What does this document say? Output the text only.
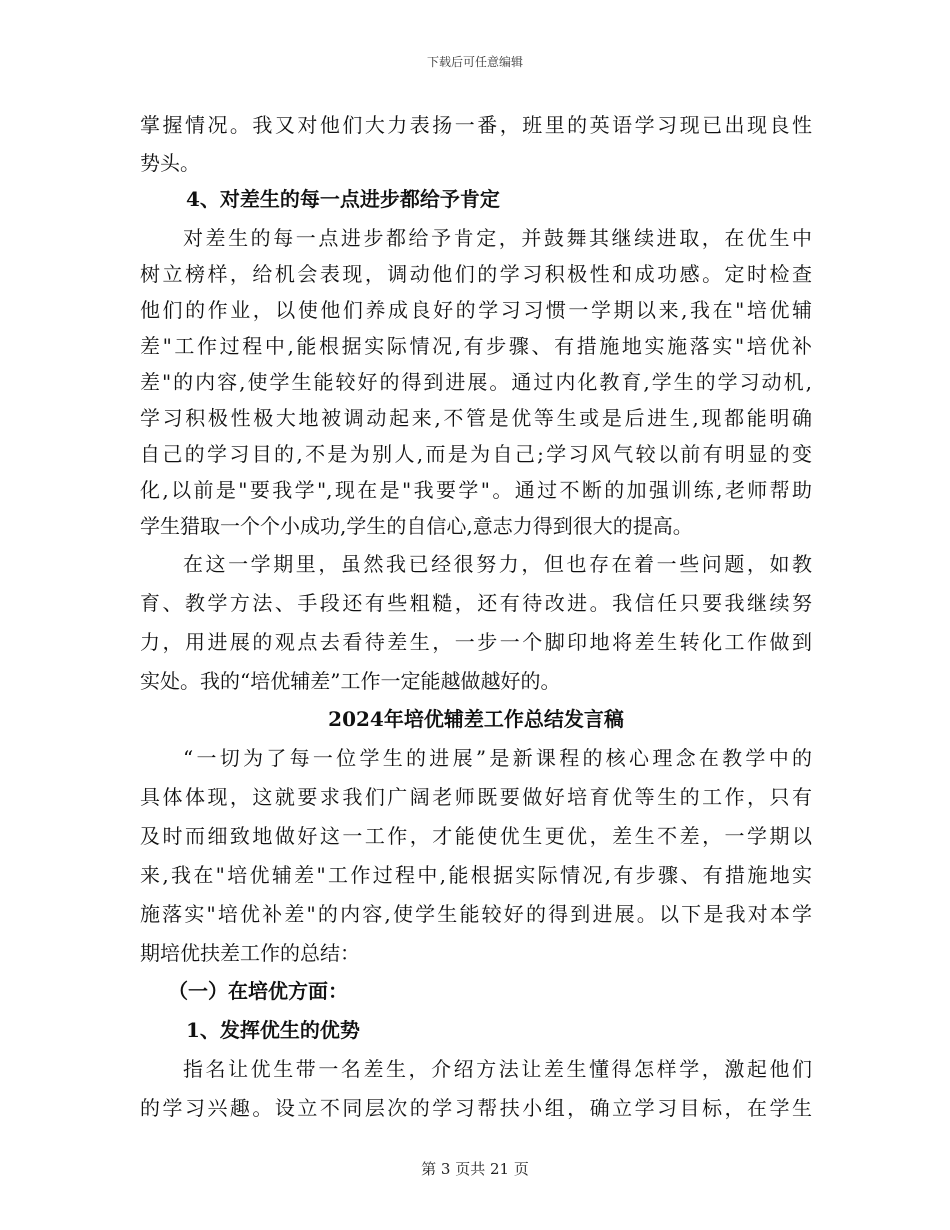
下载后可任意编辑
掌握情况。我又对他们大力表扬一番，班里的英语学习现已出现良性
势头。
4、对差生的每一点进步都给予肯定
对差生的每一点进步都给予肯定，并鼓舞其继续进取，在优生中
树立榜样，给机会表现，调动他们的学习积极性和成功感。定时检查
他们的作业，以使他们养成良好的学习习惯一学期以来,我在"培优辅
差"工作过程中,能根据实际情况,有步骤、有措施地实施落实"培优补
差"的内容,使学生能较好的得到进展。通过内化教育,学生的学习动机,
学习积极性极大地被调动起来,不管是优等生或是后进生,现都能明确
自己的学习目的,不是为别人,而是为自己;学习风气较以前有明显的变
化,以前是"要我学",现在是"我要学"。通过不断的加强训练,老师帮助
学生猎取一个个小成功,学生的自信心,意志力得到很大的提高。
在这一学期里，虽然我已经很努力，但也存在着一些问题，如教
育、教学方法、手段还有些粗糙，还有待改进。我信任只要我继续努
力，用进展的观点去看待差生，一步一个脚印地将差生转化工作做到
实处。我的“培优辅差”工作一定能越做越好的。
2024年培优辅差工作总结发言稿
“一切为了每一位学生的进展”是新课程的核心理念在教学中的
具体体现，这就要求我们广阔老师既要做好培育优等生的工作，只有
及时而细致地做好这一工作，才能使优生更优，差生不差，一学期以
来,我在"培优辅差"工作过程中,能根据实际情况,有步骤、有措施地实
施落实"培优补差"的内容,使学生能较好的得到进展。以下是我对本学
期培优扶差工作的总结：
（一）在培优方面：
1、发挥优生的优势
指名让优生带一名差生，介绍方法让差生懂得怎样学，激起他们
的学习兴趣。设立不同层次的学习帮扶小组，确立学习目标，在学生
第 3 页共 21 页
